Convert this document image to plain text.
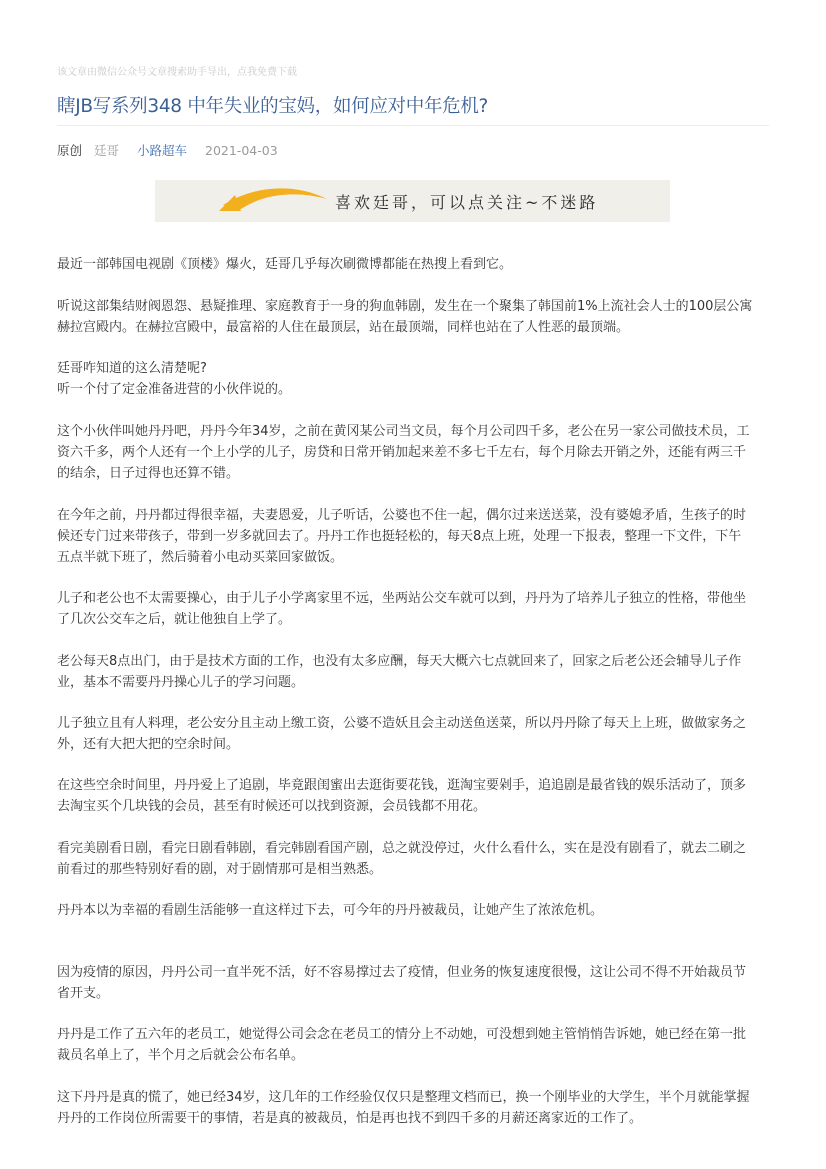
该文章由微信公众号文章搜索助手导出，点我免费下载
瞎JB写系列348 中年失业的宝妈，如何应对中年危机?
原创 廷哥 小路超车 2021-04-03
喜欢廷哥，可以点关注~不迷路
最近一部韩国电视剧《顶楼》爆火，廷哥几乎每次刷微博都能在热搜上看到它。
听说这部集结财阀恩怨、悬疑推理、家庭教育于一身的狗血韩剧，发生在一个聚集了韩国前1%上流社会人士的100层公寓
赫拉宫殿内。在赫拉宫殿中，最富裕的人住在最顶层，站在最顶端，同样也站在了人性恶的最顶端。
廷哥咋知道的这么清楚呢?
听一个付了定金准备进营的小伙伴说的。
这个小伙伴叫她丹丹吧，丹丹今年34岁，之前在黄冈某公司当文员，每个月公司四千多，老公在另一家公司做技术员，工
资六千多，两个人还有一个上小学的儿子，房贷和日常开销加起来差不多七千左右，每个月除去开销之外，还能有两三千
的结余，日子过得也还算不错。
在今年之前，丹丹都过得很幸福，夫妻恩爱，儿子听话，公婆也不住一起，偶尔过来送送菜，没有婆媳矛盾，生孩子的时
候还专门过来带孩子，带到一岁多就回去了。丹丹工作也挺轻松的，每天8点上班，处理一下报表，整理一下文件，下午
五点半就下班了，然后骑着小电动买菜回家做饭。
儿子和老公也不太需要操心，由于儿子小学离家里不远，坐两站公交车就可以到，丹丹为了培养儿子独立的性格，带他坐
了几次公交车之后，就让他独自上学了。
老公每天8点出门，由于是技术方面的工作，也没有太多应酬，每天大概六七点就回来了，回家之后老公还会辅导儿子作
业，基本不需要丹丹操心儿子的学习问题。
儿子独立且有人料理，老公安分且主动上缴工资，公婆不造妖且会主动送鱼送菜，所以丹丹除了每天上上班，做做家务之
外，还有大把大把的空余时间。
在这些空余时间里，丹丹爱上了追剧，毕竟跟闺蜜出去逛街要花钱，逛淘宝要剁手，追追剧是最省钱的娱乐活动了，顶多
去淘宝买个几块钱的会员，甚至有时候还可以找到资源，会员钱都不用花。
看完美剧看日剧，看完日剧看韩剧，看完韩剧看国产剧，总之就没停过，火什么看什么，实在是没有剧看了，就去二刷之
前看过的那些特别好看的剧，对于剧情那可是相当熟悉。
丹丹本以为幸福的看剧生活能够一直这样过下去，可今年的丹丹被裁员，让她产生了浓浓危机。
因为疫情的原因，丹丹公司一直半死不活，好不容易撑过去了疫情，但业务的恢复速度很慢，这让公司不得不开始裁员节
省开支。
丹丹是工作了五六年的老员工，她觉得公司会念在老员工的情分上不动她，可没想到她主管悄悄告诉她，她已经在第一批
裁员名单上了，半个月之后就会公布名单。
这下丹丹是真的慌了，她已经34岁，这几年的工作经验仅仅只是整理文档而已，换一个刚毕业的大学生，半个月就能掌握
丹丹的工作岗位所需要干的事情，若是真的被裁员，怕是再也找不到四千多的月薪还离家近的工作了。
